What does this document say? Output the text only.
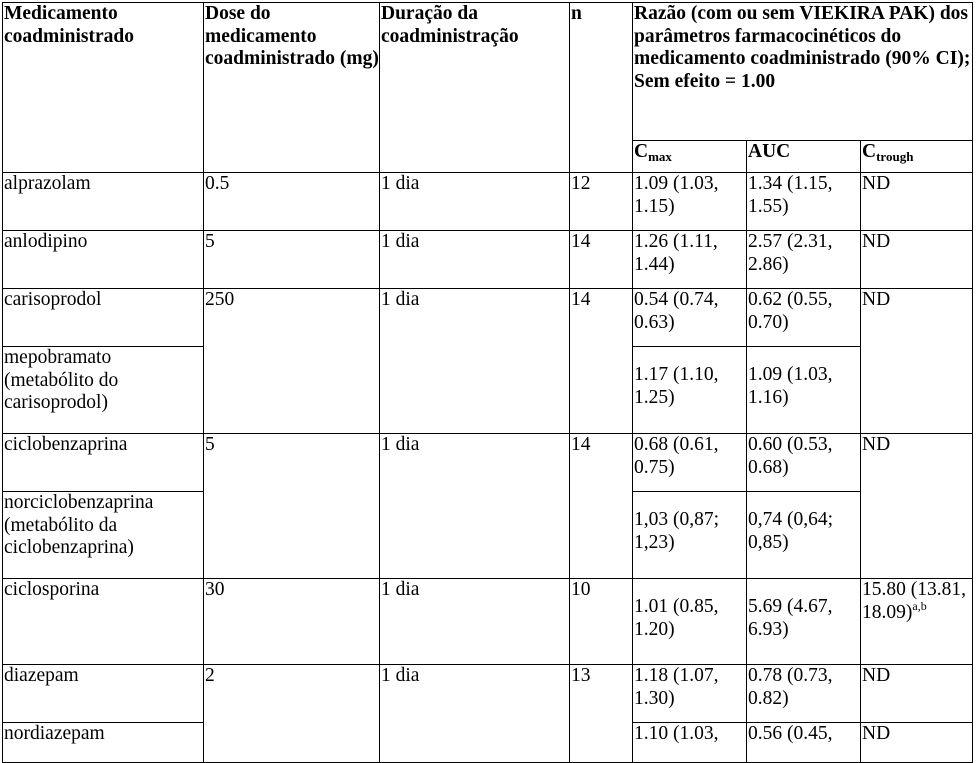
Medicamento coadministrado	Dose do medicamento coadministrado (mg)	Duração da coadministração	n	Razão (com ou sem VIEKIRA PAK) dos parâmetros farmacocinéticos do medicamento coadministrado (90% CI); Sem efeito = 1.00		
				$C_{max}$	AUC	$C_{trough}$
alprazolam	0.5	1 dia	12	1.09 (1.03, 1.15)	1.34 (1.15, 1.55)	ND
anlodipino	5	1 dia	14	1.26 (1.11, 1.44)	2.57 (2.31, 2.86)	ND
carisoprodol	250	1 dia	14	0.54 (0.74, 0.63)	0.62 (0.55, 0.70)	ND
mepobramato (metabólito do carisoprodol)				1.17 (1.10, 1.25)	1.09 (1.03, 1.16)	
ciclobenzaprina	5	1 dia	14	0.68 (0.61, 0.75)	0.60 (0.53, 0.68)	ND
norciclobenzaprina (metabólito da ciclobenzaprina)				1,03 (0,87; 1,23)	0,74 (0,64; 0,85)	
ciclosporina	30	1 dia	10	1.01 (0.85, 1.20)	5.69 (4.67, 6.93)	15.80 (13.81, 18.09)$^{a,b}$
diazepam	2	1 dia	13	1.18 (1.07, 1.30)	0.78 (0.73, 0.82)	ND
nordiazepam				1.10 (1.03,	0.56 (0.45,	ND
